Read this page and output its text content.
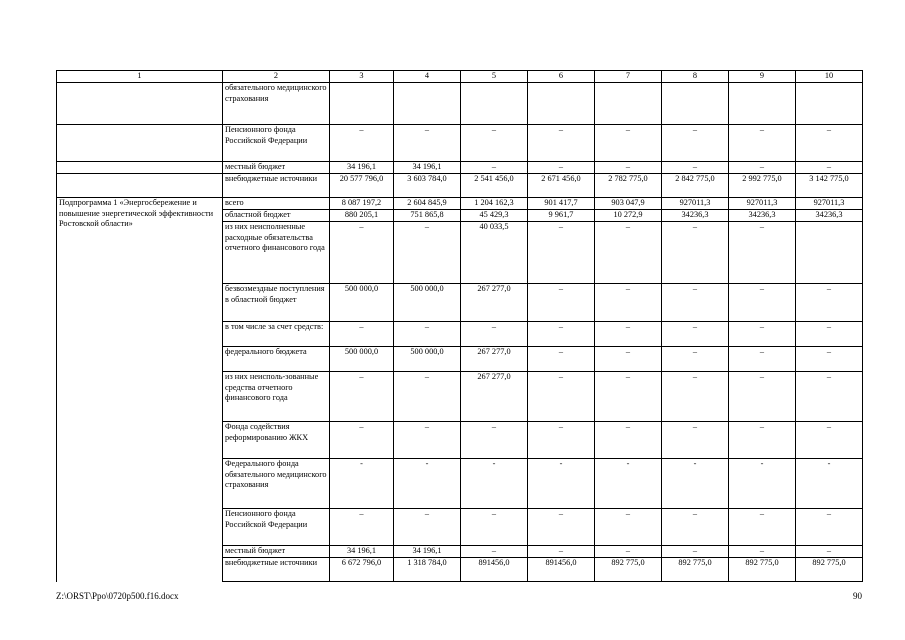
1	2	3	4	5	6	7	8	9	10
	обязательного медицинского страхования								
	Пенсионного фонда Российской Федерации	–	–	–	–	–	–	–	–
	местный бюджет	34 196,1	34 196,1	–	–	–	–	–	–
	внебюджетные источники	20 577 796,0	3 603 784,0	2 541 456,0	2 671 456,0	2 782 775,0	2 842 775,0	2 992 775,0	3 142 775,0
Подпрограмма 1 «Энергосбережение и повышение энергетической эффективности Ростовской области»	всего	8 087 197,2	2 604 845,9	1 204 162,3	901 417,7	903 047,9	927011,3	927011,3	927011,3
	областной бюджет	880 205,1	751 865,8	45 429,3	9 961,7	10 272,9	34236,3	34236,3	34236,3
	из них неисполненные расходные обязательства отчетного финансового года	–	–	40 033,5	–	–	–	–	
	безвозмездные поступления в областной бюджет	500 000,0	500 000,0	267 277,0	–	–	–	–	–
	в том числе за счет средств:	–	–	–	–	–	–	–	–
	федерального бюджета	500 000,0	500 000,0	267 277,0	–	–	–	–	–
	из них неисполь-зованные средства отчетного финансового года	–	–	267 277,0	–	–	–	–	–
	Фонда содействия реформированию ЖКХ	–	–	–	–	–	–	–	–
	Федерального фонда обязательного медицинского страхования	-	-	-	-	-	-	-	-
	Пенсионного фонда Российской Федерации	–	–	–	–	–	–	–	–
	местный бюджет	34 196,1	34 196,1	–	–	–	–	–	–
	внебюджетные источники	6 672 796,0	1 318 784,0	891456,0	891456,0	892 775,0	892 775,0	892 775,0	892 775,0
Z:\ORST\Ppo\0720p500.f16.docx	90
